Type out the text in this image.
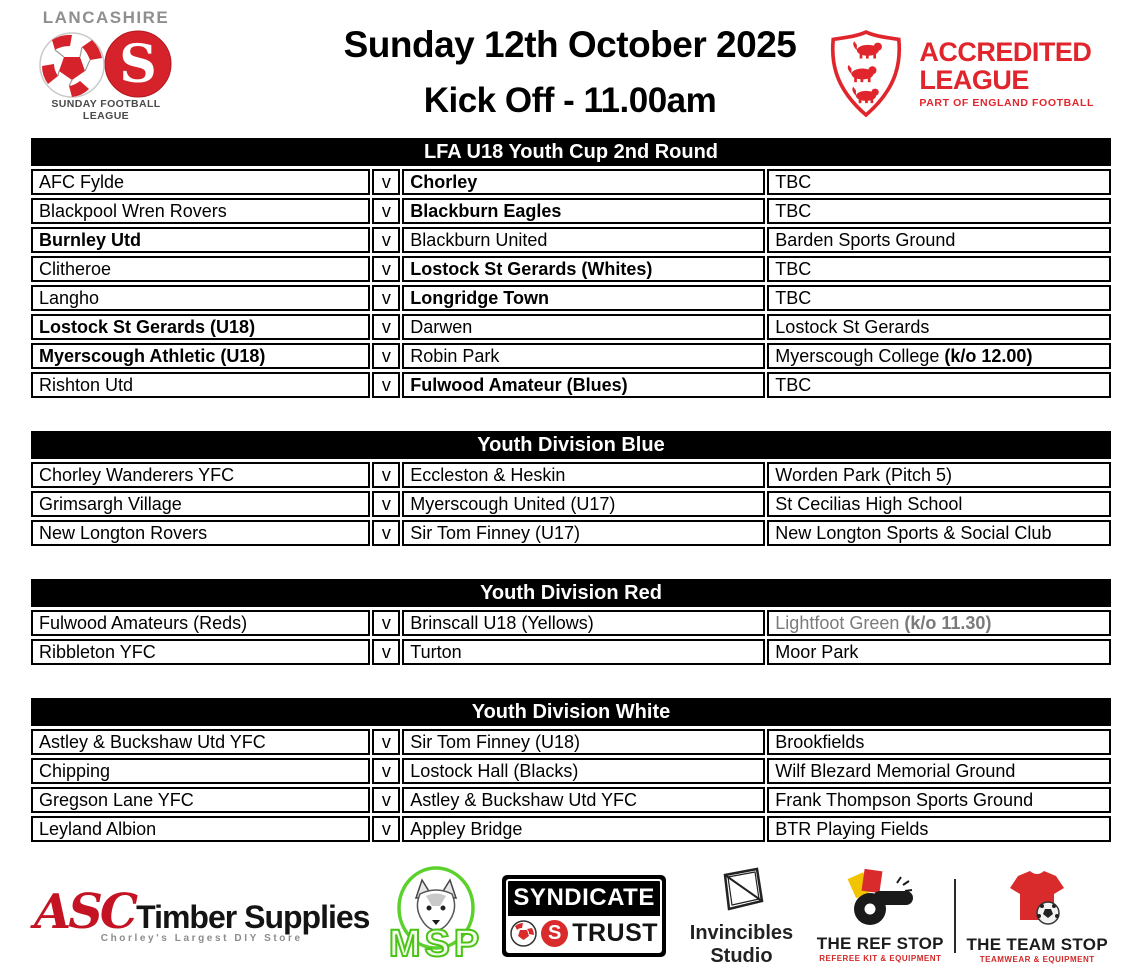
LANCASHIRE
S
SUNDAY FOOTBALL LEAGUE
Sunday 12th October 2025
Kick Off - 11.00am
ACCREDITED
LEAGUE
PART OF ENGLAND FOOTBALL
LFA U18 Youth Cup 2nd Round
AFC Fylde	v	Chorley	TBC
Blackpool Wren Rovers	v	Blackburn Eagles	TBC
Burnley Utd	v	Blackburn United	Barden Sports Ground
Clitheroe	v	Lostock St Gerards (Whites)	TBC
Langho	v	Longridge Town	TBC
Lostock St Gerards (U18)	v	Darwen	Lostock St Gerards
Myerscough Athletic (U18)	v	Robin Park	Myerscough College (k/o 12.00)
Rishton Utd	v	Fulwood Amateur (Blues)	TBC
Youth Division Blue
Chorley Wanderers YFC	v	Eccleston & Heskin	Worden Park (Pitch 5)
Grimsargh Village	v	Myerscough United (U17)	St Cecilias High School
New Longton Rovers	v	Sir Tom Finney (U17)	New Longton Sports & Social Club
Youth Division Red
Fulwood Amateurs (Reds)	v	Brinscall U18 (Yellows)	Lightfoot Green (k/o 11.30)
Ribbleton YFC	v	Turton	Moor Park
Youth Division White
Astley & Buckshaw Utd YFC	v	Sir Tom Finney (U18)	Brookfields
Chipping	v	Lostock Hall (Blacks)	Wilf Blezard Memorial Ground
Gregson Lane YFC	v	Astley & Buckshaw Utd YFC	Frank Thompson Sports Ground
Leyland Albion	v	Appley Bridge	BTR Playing Fields
ASC Timber Supplies
Chorley's Largest DIY Store	MSP
SYNDICATE
S TRUST	Invincibles
Studio
THE REF STOP
REFEREE KIT & EQUIPMENT
THE TEAM STOP
TEAMWEAR & EQUIPMENT
